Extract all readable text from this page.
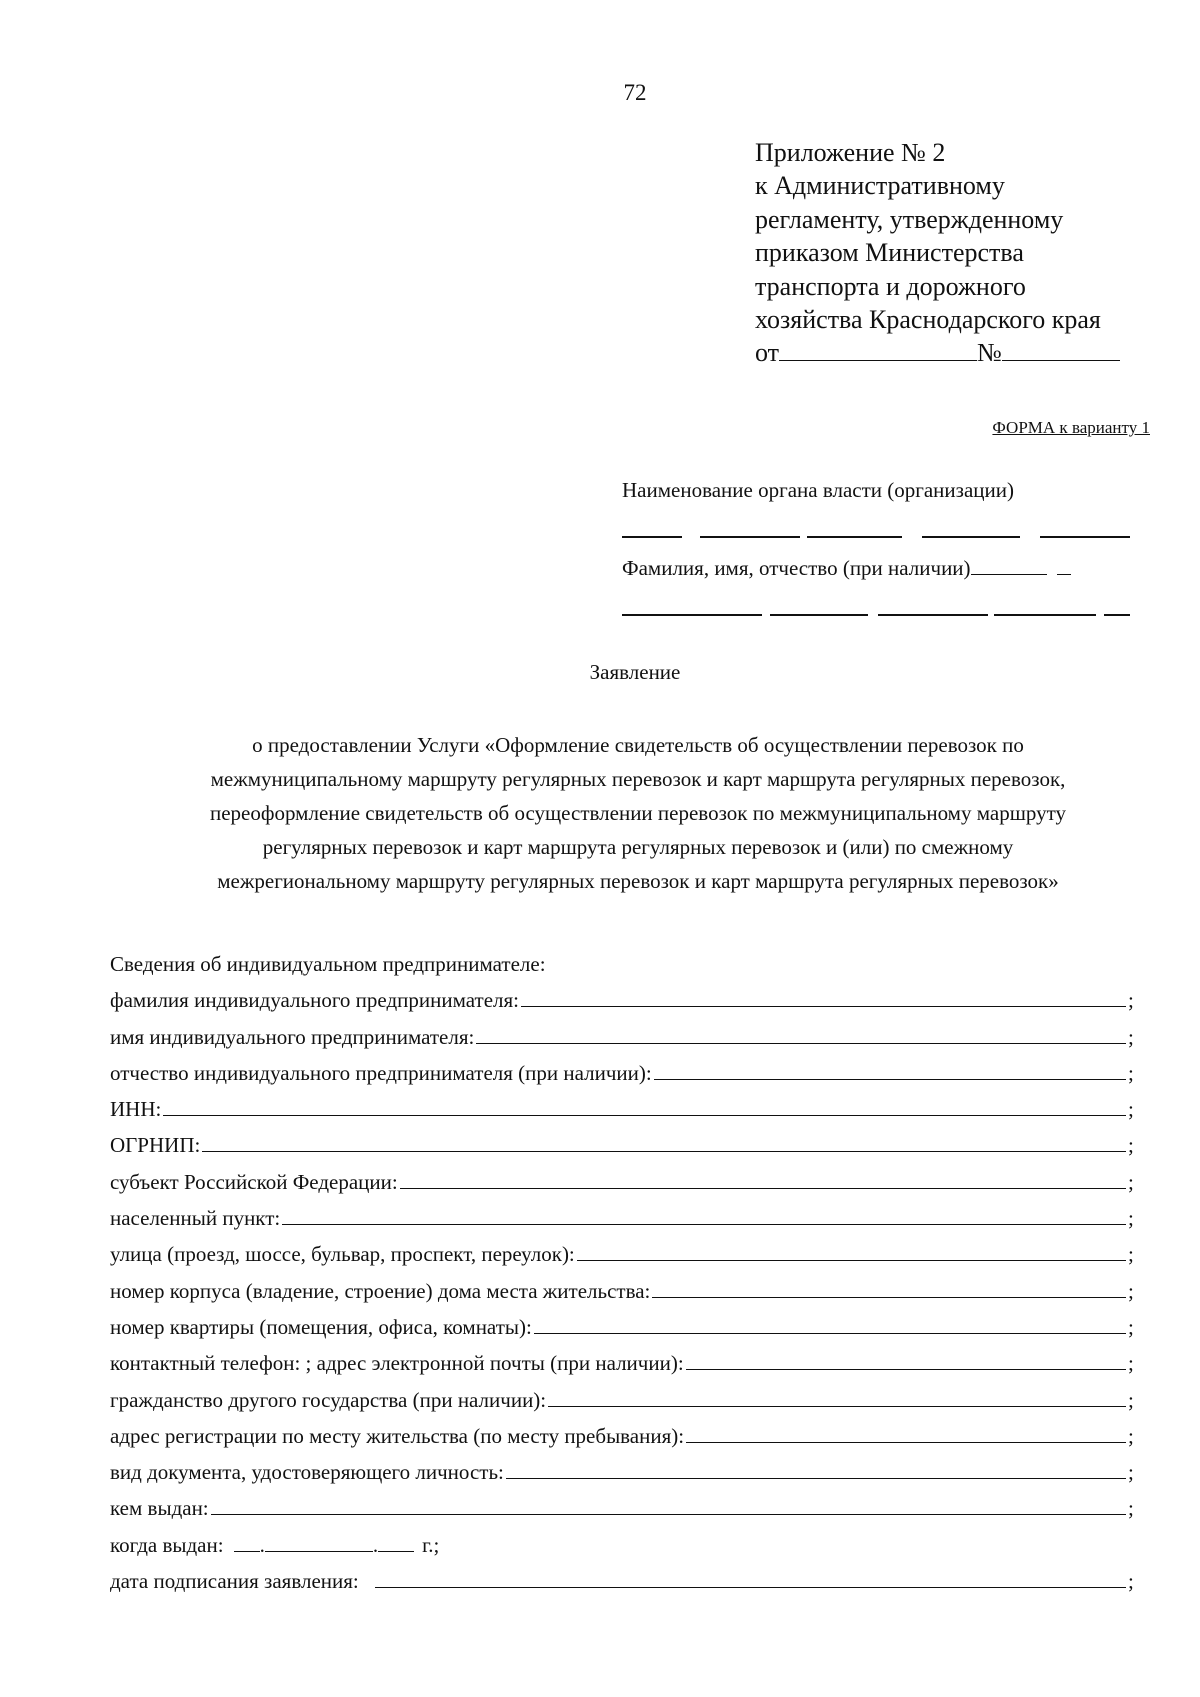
72
Приложение № 2
к Административному
регламенту, утвержденному
приказом Министерства
транспорта и дорожного
хозяйства Краснодарского края
от	№
ФОРМА к варианту 1
Наименование органа власти (организации)
Фамилия, имя, отчество (при наличии)
Заявление
о предоставлении Услуги «Оформление свидетельств об осуществлении перевозок по
межмуниципальному маршруту регулярных перевозок и карт маршрута регулярных перевозок,
переоформление свидетельств об осуществлении перевозок по межмуниципальному маршруту
регулярных перевозок и карт маршрута регулярных перевозок и (или) по смежному
межрегиональному маршруту регулярных перевозок и карт маршрута регулярных перевозок»
Сведения об индивидуальном предпринимателе:
фамилия индивидуального предпринимателя:	;
имя индивидуального предпринимателя:	;
отчество индивидуального предпринимателя (при наличии):	;
ИНН:	;
ОГРНИП:	;
субъект Российской Федерации:	;
населенный пункт:	;
улица (проезд, шоссе, бульвар, проспект, переулок):	;
номер корпуса (владение, строение) дома места жительства:	;
номер квартиры (помещения, офиса, комнаты):	;
контактный телефон: ; адрес электронной почты (при наличии):	;
гражданство другого государства (при наличии):	;
адрес регистрации по месту жительства (по месту пребывания):	;
вид документа, удостоверяющего личность:	;
кем выдан:	;
когда выдан: .	. г.;
дата подписания заявления:	;
